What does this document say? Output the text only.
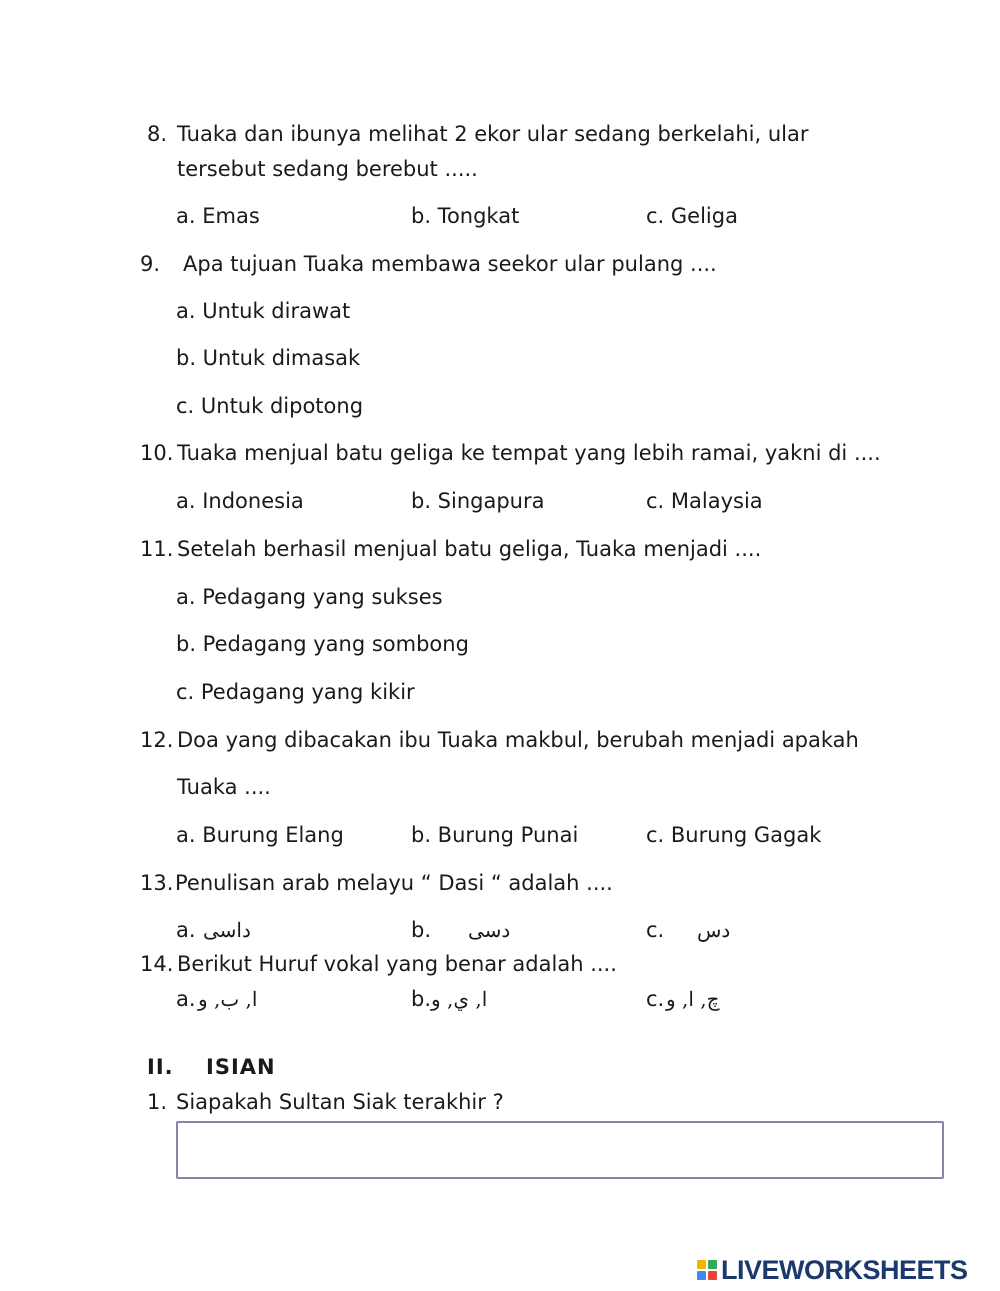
8. Tuaka dan ibunya melihat 2 ekor ular sedang berkelahi, ular
tersebut sedang berebut .....
a. Emas	b. Tongkat	c. Geliga
9. Apa tujuan Tuaka membawa seekor ular pulang ....
a. Untuk dirawat
b. Untuk dimasak
c. Untuk dipotong
10. Tuaka menjual batu geliga ke tempat yang lebih ramai, yakni di ....
a. Indonesia	b. Singapura	c. Malaysia
11. Setelah berhasil menjual batu geliga, Tuaka menjadi ....
a. Pedagang yang sukses
b. Pedagang yang sombong
c. Pedagang yang kikir
12. Doa yang dibacakan ibu Tuaka makbul, berubah menjadi apakah
Tuaka ....
a. Burung Elang	b. Burung Punai	c. Burung Gagak
13. Penulisan arab melayu “ Dasi “ adalah ....
a. داسی	b. دسی	c. دس
14. Berikut Huruf vokal yang benar adalah ....
a. ا, ب, و	b. ا, ي, و	c. چ, ا, و
II. ISIAN
1. Siapakah Sultan Siak terakhir ?
LIVEWORKSHEETS
